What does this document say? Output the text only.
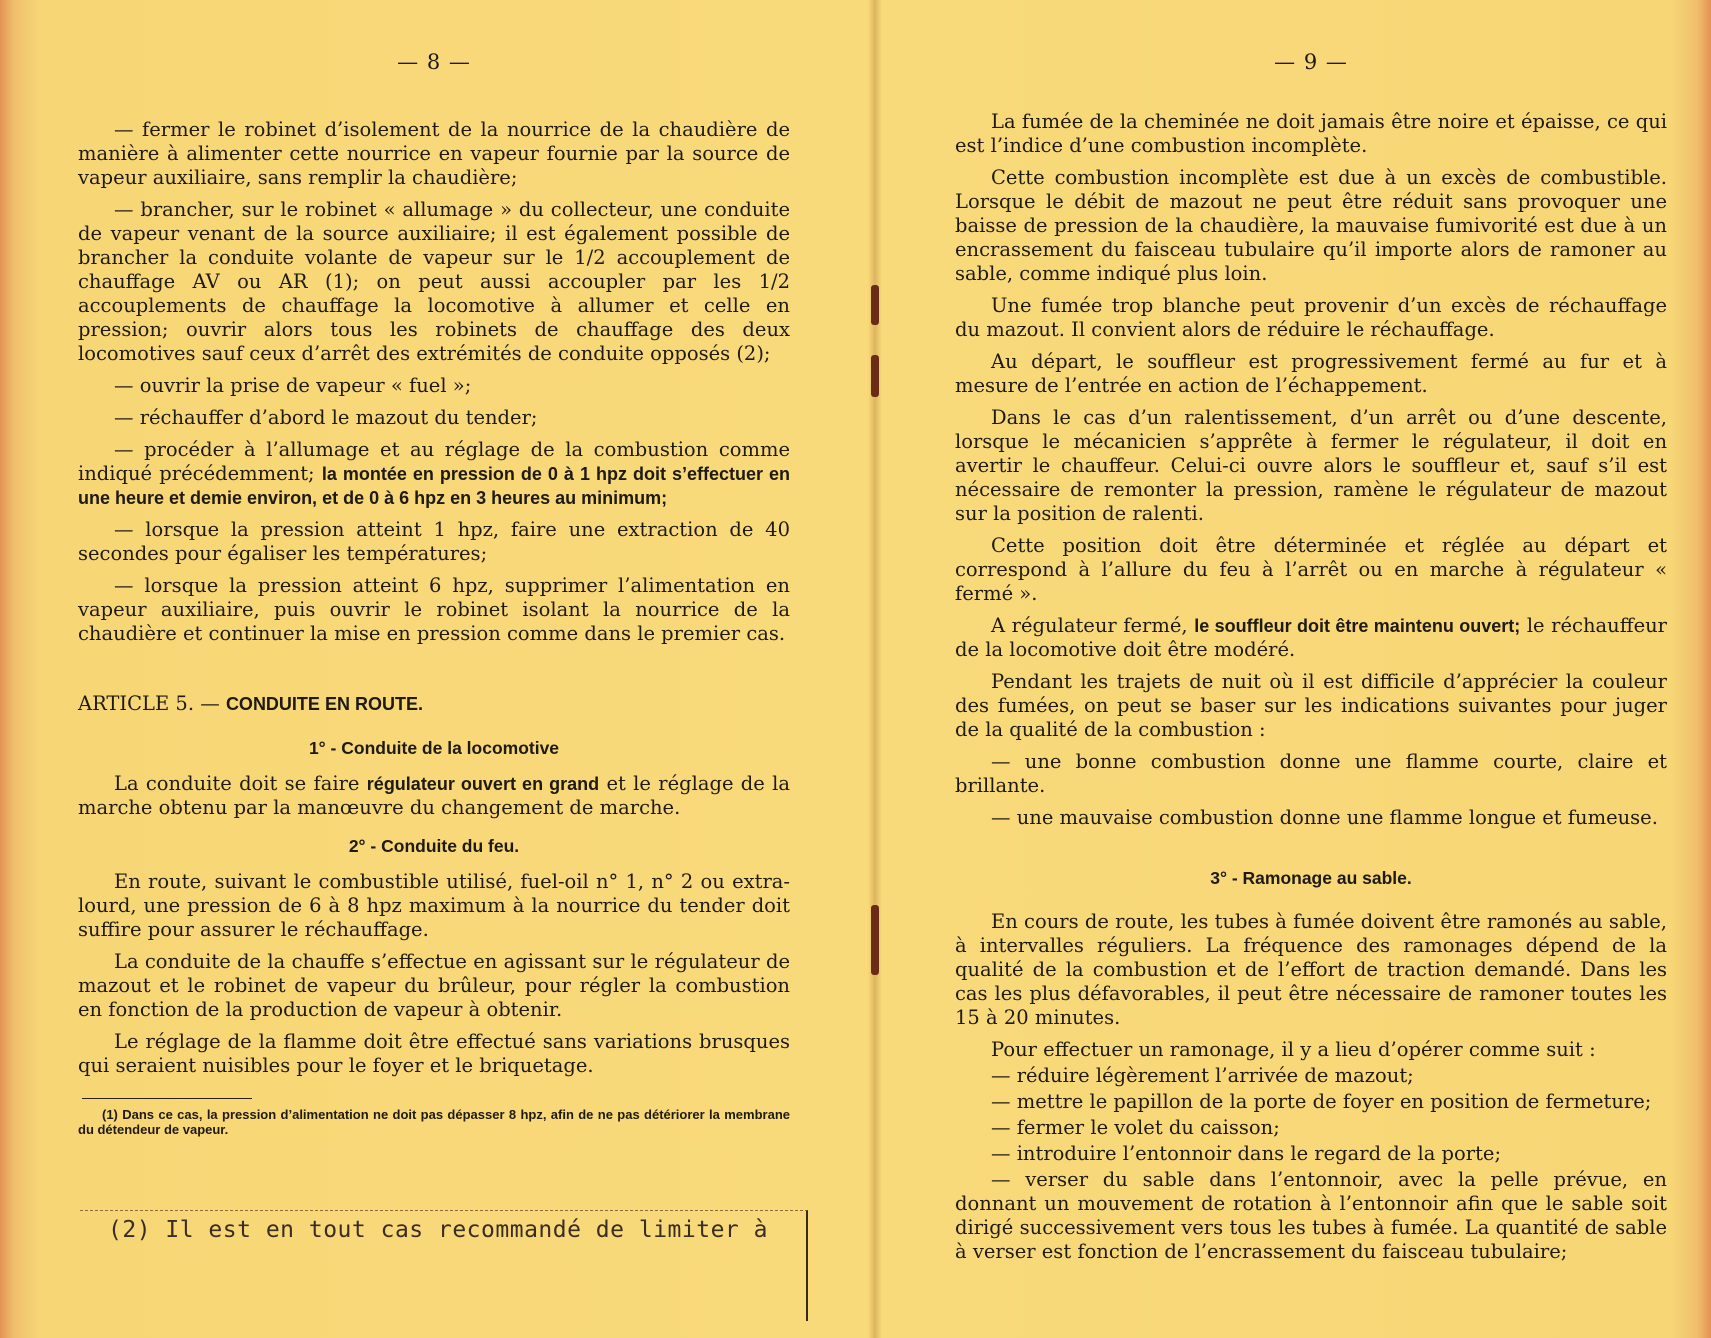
— 8 —

— fermer le robinet d’isolement de la nourrice de la chaudière de manière à alimenter cette nourrice en vapeur fournie par la source de vapeur auxiliaire, sans remplir la chaudière;

— brancher, sur le robinet « allumage » du collecteur, une conduite de vapeur venant de la source auxiliaire; il est également possible de brancher la conduite volante de vapeur sur le 1/2 accouplement de chauffage AV ou AR (1); on peut aussi accoupler par les 1/2 accouplements de chauffage la locomotive à allumer et celle en pression; ouvrir alors tous les robinets de chauffage des deux locomotives sauf ceux d’arrêt des extrémités de conduite opposés (2);

— ouvrir la prise de vapeur « fuel »;

— réchauffer d’abord le mazout du tender;

— procéder à l’allumage et au réglage de la combustion comme indiqué précédemment; la montée en pression de 0 à 1 hpz doit s’effectuer en une heure et demie environ, et de 0 à 6 hpz en 3 heures au minimum;

— lorsque la pression atteint 1 hpz, faire une extraction de 40 secondes pour égaliser les températures;

— lorsque la pression atteint 6 hpz, supprimer l’alimentation en vapeur auxiliaire, puis ouvrir le robinet isolant la nourrice de la chaudière et continuer la mise en pression comme dans le premier cas.

ARTICLE 5. — CONDUITE EN ROUTE.

1° - Conduite de la locomotive

La conduite doit se faire régulateur ouvert en grand et le réglage de la marche obtenu par la manœuvre du changement de marche.

2° - Conduite du feu.

En route, suivant le combustible utilisé, fuel-oil n° 1, n° 2 ou extra-lourd, une pression de 6 à 8 hpz maximum à la nourrice du tender doit suffire pour assurer le réchauffage.

La conduite de la chauffe s’effectue en agissant sur le régulateur de mazout et le robinet de vapeur du brûleur, pour régler la combustion en fonction de la production de vapeur à obtenir.

Le réglage de la flamme doit être effectué sans variations brusques qui seraient nuisibles pour le foyer et le briquetage.

(1) Dans ce cas, la pression d’alimentation ne doit pas dépasser 8 hpz, afin de ne pas détériorer la membrane du détendeur de vapeur.

(2) Il est en tout cas recommandé de limiter à
— 9 —

La fumée de la cheminée ne doit jamais être noire et épaisse, ce qui est l’indice d’une combustion incomplète.

Cette combustion incomplète est due à un excès de combustible. Lorsque le débit de mazout ne peut être réduit sans provoquer une baisse de pression de la chaudière, la mauvaise fumivorité est due à un encrassement du faisceau tubulaire qu’il importe alors de ramoner au sable, comme indiqué plus loin.

Une fumée trop blanche peut provenir d’un excès de réchauffage du mazout. Il convient alors de réduire le réchauffage.

Au départ, le souffleur est progressivement fermé au fur et à mesure de l’entrée en action de l’échappement.

Dans le cas d’un ralentissement, d’un arrêt ou d’une descente, lorsque le mécanicien s’apprête à fermer le régulateur, il doit en avertir le chauffeur. Celui-ci ouvre alors le souffleur et, sauf s’il est nécessaire de remonter la pression, ramène le régulateur de mazout sur la position de ralenti.

Cette position doit être déterminée et réglée au départ et correspond à l’allure du feu à l’arrêt ou en marche à régulateur « fermé ».

A régulateur fermé, le souffleur doit être maintenu ouvert; le réchauffeur de la locomotive doit être modéré.

Pendant les trajets de nuit où il est difficile d’apprécier la couleur des fumées, on peut se baser sur les indications suivantes pour juger de la qualité de la combustion :

— une bonne combustion donne une flamme courte, claire et brillante.

— une mauvaise combustion donne une flamme longue et fumeuse.

3° - Ramonage au sable.

En cours de route, les tubes à fumée doivent être ramonés au sable, à intervalles réguliers. La fréquence des ramonages dépend de la qualité de la combustion et de l’effort de traction demandé. Dans les cas les plus défavorables, il peut être nécessaire de ramoner toutes les 15 à 20 minutes.

Pour effectuer un ramonage, il y a lieu d’opérer comme suit :

— réduire légèrement l’arrivée de mazout;

— mettre le papillon de la porte de foyer en position de fermeture;

— fermer le volet du caisson;

— introduire l’entonnoir dans le regard de la porte;

— verser du sable dans l’entonnoir, avec la pelle prévue, en donnant un mouvement de rotation à l’entonnoir afin que le sable soit dirigé successivement vers tous les tubes à fumée. La quantité de sable à verser est fonction de l’encrassement du faisceau tubulaire;
